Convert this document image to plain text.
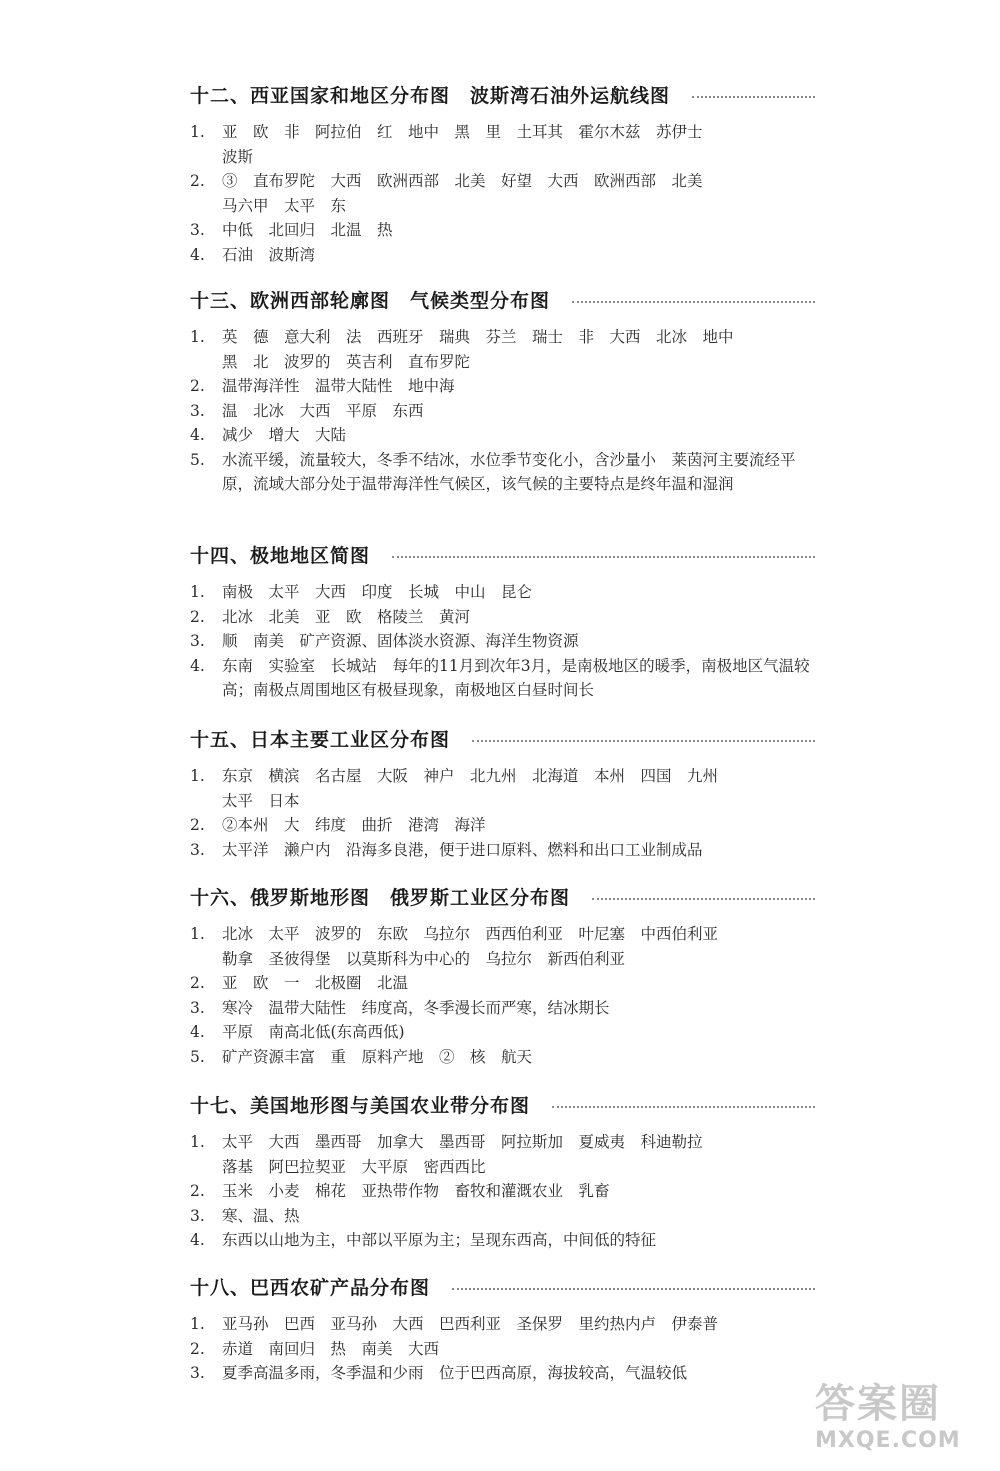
十二、西亚国家和地区分布图　波斯湾石油外运航线图
1.	亚　欧　非　阿拉伯　红　地中　黑　里　土耳其　霍尔木兹　苏伊士
波斯
2.	③　直布罗陀　大西　欧洲西部　北美　好望　大西　欧洲西部　北美
马六甲　太平　东
3.	中低　北回归　北温　热
4.	石油　波斯湾
十三、欧洲西部轮廓图　气候类型分布图
1.	英　德　意大利　法　西班牙　瑞典　芬兰　瑞士　非　大西　北冰　地中
黑　北　波罗的　英吉利　直布罗陀
2.	温带海洋性　温带大陆性　地中海
3.	温　北冰　大西　平原　东西
4.	减少　增大　大陆
5.	水流平缓，流量较大，冬季不结冰，水位季节变化小，含沙量小　莱茵河主要流经平原，流域大部分处于温带海洋性气候区，该气候的主要特点是终年温和湿润
十四、极地地区简图
1.	南极　太平　大西　印度　长城　中山　昆仑
2.	北冰　北美　亚　欧　格陵兰　黄河
3.	顺　南美　矿产资源、固体淡水资源、海洋生物资源
4.	东南　实验室　长城站　每年的11月到次年3月，是南极地区的暖季，南极地区气温较高；南极点周围地区有极昼现象，南极地区白昼时间长
十五、日本主要工业区分布图
1.	东京　横滨　名古屋　大阪　神户　北九州　北海道　本州　四国　九州
太平　日本
2.	②本州　大　纬度　曲折　港湾　海洋
3.	太平洋　濑户内　沿海多良港，便于进口原料、燃料和出口工业制成品
十六、俄罗斯地形图　俄罗斯工业区分布图
1.	北冰　太平　波罗的　东欧　乌拉尔　西西伯利亚　叶尼塞　中西伯利亚
勒拿　圣彼得堡　以莫斯科为中心的　乌拉尔　新西伯利亚
2.	亚　欧　一　北极圈　北温
3.	寒冷　温带大陆性　纬度高，冬季漫长而严寒，结冰期长
4.	平原　南高北低(东高西低)
5.	矿产资源丰富　重　原料产地　②　核　航天
十七、美国地形图与美国农业带分布图
1.	太平　大西　墨西哥　加拿大　墨西哥　阿拉斯加　夏威夷　科迪勒拉
落基　阿巴拉契亚　大平原　密西西比
2.	玉米　小麦　棉花　亚热带作物　畜牧和灌溉农业　乳畜
3.	寒、温、热
4.	东西以山地为主，中部以平原为主；呈现东西高，中间低的特征
十八、巴西农矿产品分布图
1.	亚马孙　巴西　亚马孙　大西　巴西利亚　圣保罗　里约热内卢　伊泰普
2.	赤道　南回归　热　南美　大西
3.	夏季高温多雨，冬季温和少雨　位于巴西高原，海拔较高，气温较低
答案圈
MXQE.COM
